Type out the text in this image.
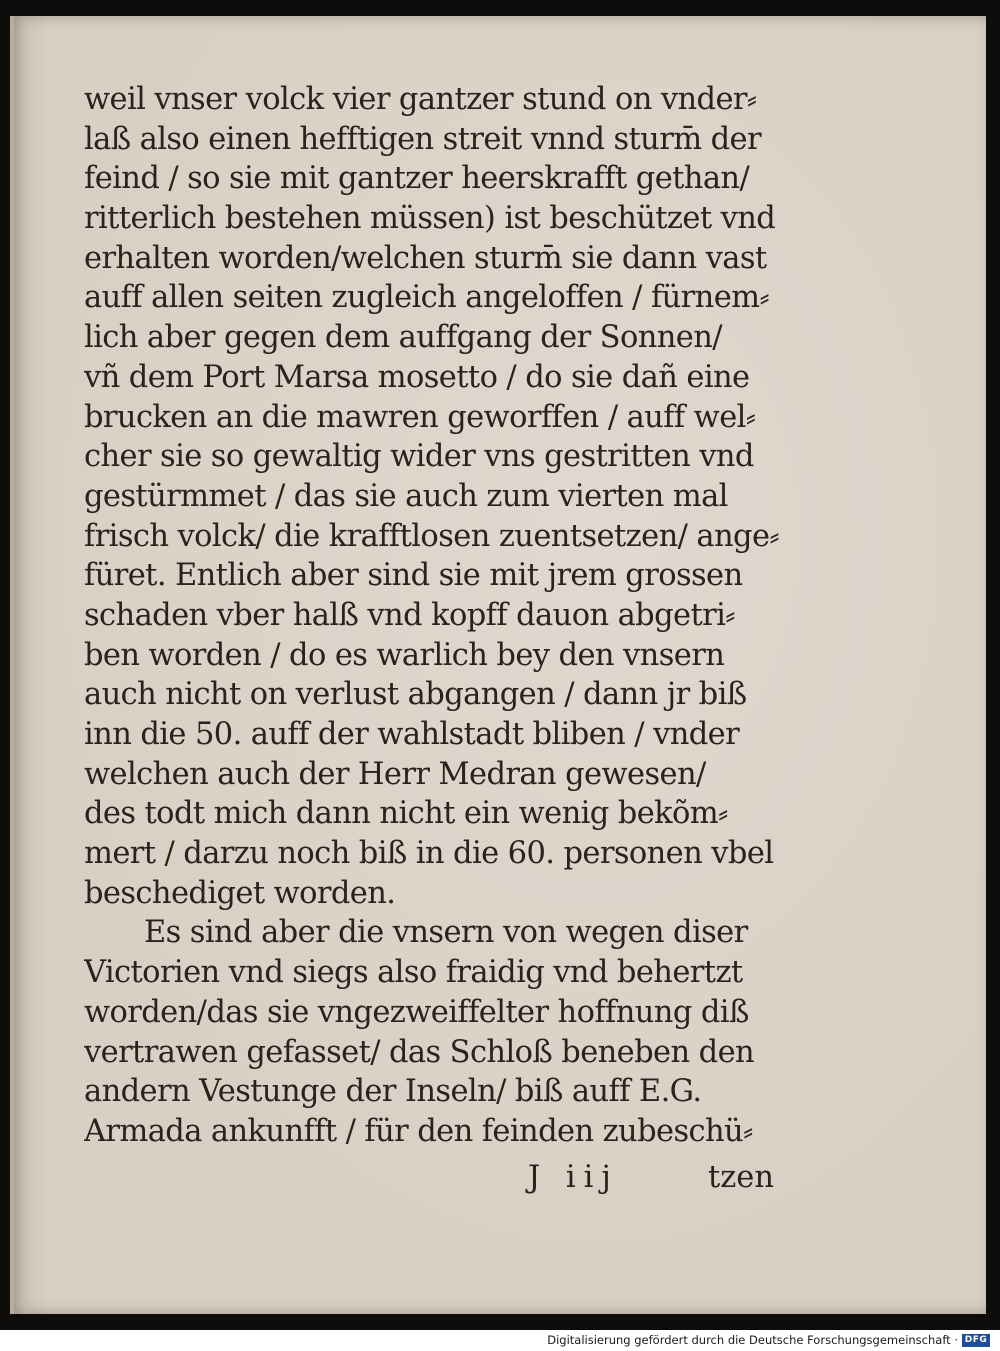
weil vnser volck vier gantzer stund on vnder⸗
laß also einen hefftigen streit vnnd sturm̄ der
feind / so sie mit gantzer heerskrafft gethan/
ritterlich bestehen müssen) ist beschützet vnd
erhalten worden/welchen sturm̄ sie dann vast
auff allen seiten zugleich angeloffen / fürnem⸗
lich aber gegen dem auffgang der Sonnen/
vñ dem Port Marsa mosetto / do sie dañ eine
brucken an die mawren geworffen / auff wel⸗
cher sie so gewaltig wider vns gestritten vnd
gestürmmet / das sie auch zum vierten mal
frisch volck/ die krafftlosen zuentsetzen/ ange⸗
füret. Entlich aber sind sie mit jrem grossen
schaden vber halß vnd kopff dauon abgetri⸗
ben worden / do es warlich bey den vnsern
auch nicht on verlust abgangen / dann jr biß
inn die 50. auff der wahlstadt bliben / vnder
welchen auch der Herr Medran gewesen/
des todt mich dann nicht ein wenig bekõm⸗
mert / darzu noch biß in die 60. personen vbel
beschediget worden.
Es sind aber die vnsern von wegen diser
Victorien vnd siegs also fraidig vnd behertzt
worden/das sie vngezweiffelter hoffnung diß
vertrawen gefasset/ das Schloß beneben den
andern Vestunge der Inseln/ biß auff E.G.
Armada ankunfft / für den feinden zubeschü⸗
J iij	tzen
Digitalisierung gefördert durch die Deutsche Forschungsgemeinschaft · DFG
